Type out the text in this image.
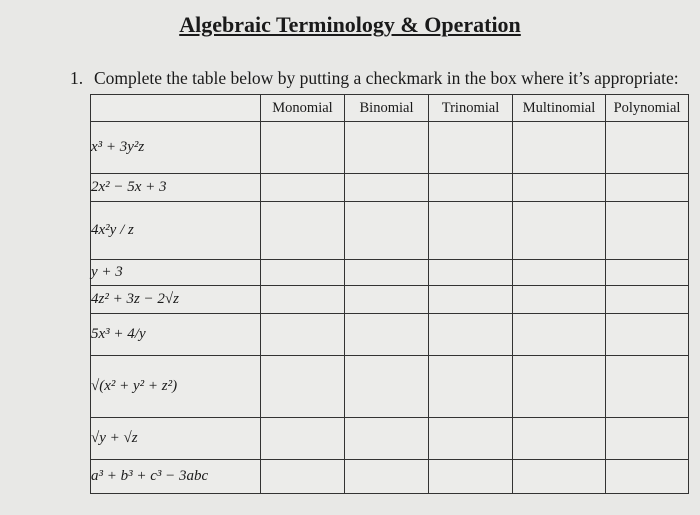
Algebraic Terminology & Operation
1. Complete the table below by putting a checkmark in the box where it’s appropriate:
	Monomial	Binomial	Trinomial	Multinomial	Polynomial
x³ + 3y²z					
2x² − 5x + 3					
4x²y / z					
y + 3					
4z² + 3z − 2√z					
5x³ + 4/y					
√(x² + y² + z²)					
√y + √z					
a³ + b³ + c³ − 3abc					
